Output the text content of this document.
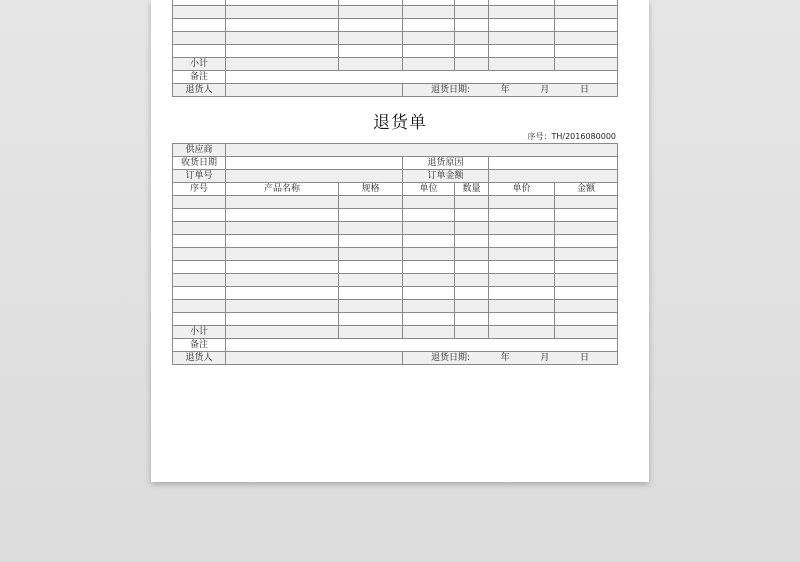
小计						
备注						
退货人			退货日期: 年 月 日			
退货单
序号：TH/2016080000
供应商						
收货日期			退货原因			
订单号			订单金额			
序号	产品名称	规格	单位	数量	单价	金额

小计						
备注						
退货人			退货日期: 年 月 日			
